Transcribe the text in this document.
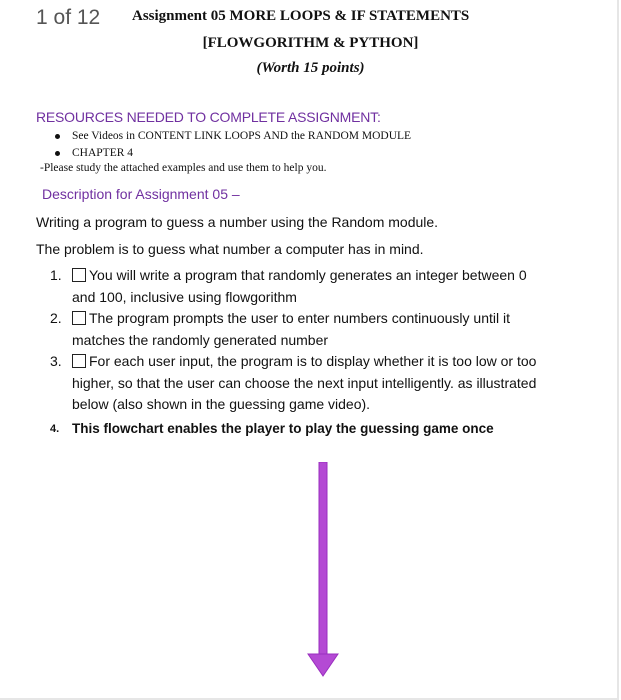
1 of 12 Assignment 05 MORE LOOPS & IF STATEMENTS
[FLOWGORITHM & PYTHON]
(Worth 15 points)
RESOURCES NEEDED TO COMPLETE ASSIGNMENT:
See Videos in CONTENT LINK LOOPS AND the RANDOM MODULE
CHAPTER 4
-Please study the attached examples and use them to help you.
Description for Assignment 05 –
Writing a program to guess a number using the Random module.
The problem is to guess what number a computer has in mind.
1. You will write a program that randomly generates an integer between 0
and 100, inclusive using flowgorithm
2. The program prompts the user to enter numbers continuously until it
matches the randomly generated number
3. For each user input, the program is to display whether it is too low or too
higher, so that the user can choose the next input intelligently. as illustrated
below (also shown in the guessing game video).
4. This flowchart enables the player to play the guessing game once
